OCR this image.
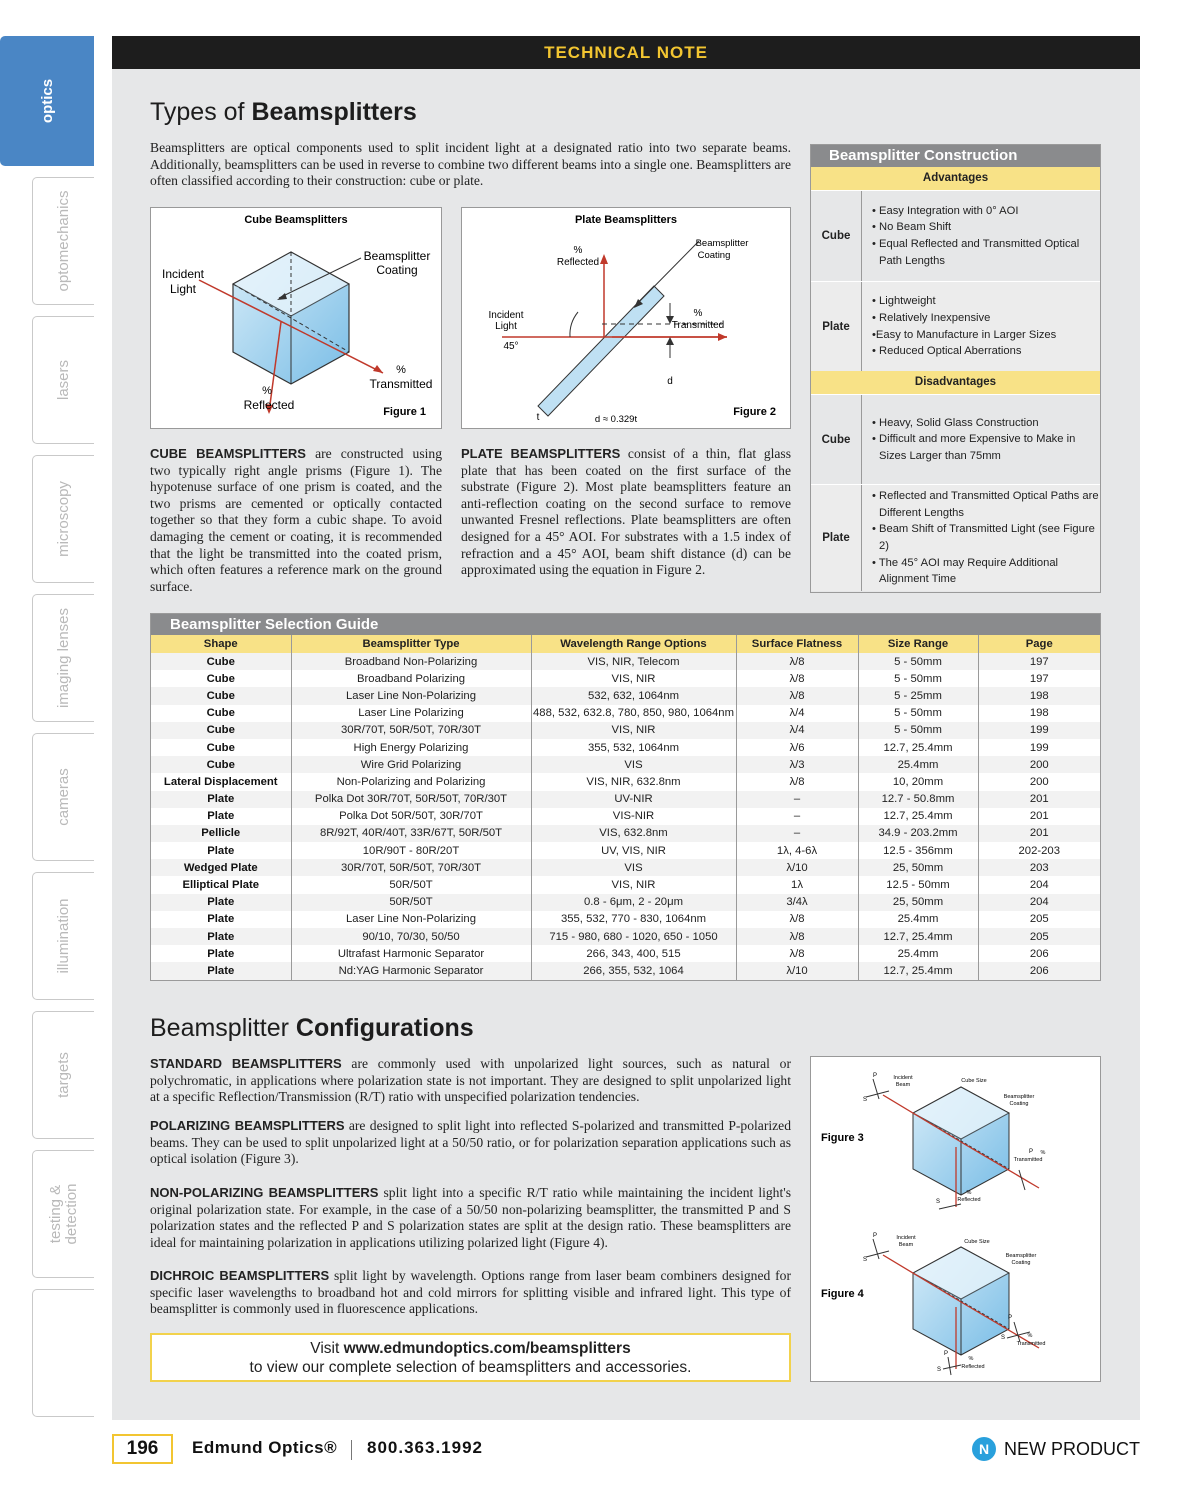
optics
optomechanics
lasers
microscopy
imaging lenses
cameras
illumination
targets
testing & detection
TECHNICAL NOTE
Types of Beamsplitters

Beamsplitters are optical components used to split incident light at a designated ratio into two separate beams. Additionally, beamsplitters can be used in reverse to combine two different beams into a single one. Beamsplitters are often classified according to their construction: cube or plate.

Cube Beamsplitters
Incident
Light
Beamsplitter
Coating
%
Transmitted
%
Reflected	Figure 1
Plate Beamsplitters
%
Reflected
Beamsplitter
Coating
Incident
Light
45°
%
Transmitted
d
t	d ≈ 0.329t
Figure 2

CUBE BEAMSPLITTERS are constructed using two typically right angle prisms (Figure 1). The hypotenuse surface of one prism is coated, and the two prisms are cemented or optically contacted together so that they form a cubic shape. To avoid damaging the cement or coating, it is recommended that the light be transmitted into the coated prism, which often features a reference mark on the ground surface.

PLATE BEAMSPLITTERS consist of a thin, flat glass plate that has been coated on the first surface of the substrate (Figure 2). Most plate beamsplitters feature an anti-reflection coating on the second surface to remove unwanted Fresnel reflections. Plate beamsplitters are often designed for a 45° AOI. For substrates with a 1.5 index of refraction and a 45° AOI, beam shift distance (d) can be approximated using the equation in Figure 2.

Beamsplitter Construction
Advantages
Cube
• Easy Integration with 0° AOI
• No Beam Shift
• Equal Reflected and Transmitted Optical Path Lengths
Plate
• Lightweight
• Relatively Inexpensive
•Easy to Manufacture in Larger Sizes
• Reduced Optical Aberrations
Disadvantages
Cube
• Heavy, Solid Glass Construction
• Difficult and more Expensive to Make in Sizes Larger than 75mm
Plate
• Reflected and Transmitted Optical Paths are Different Lengths
• Beam Shift of Transmitted Light (see Figure 2)
• The 45° AOI may Require Additional Alignment Time
Beamsplitter Selection Guide
Shape	Beamsplitter Type	Wavelength Range Options	Surface Flatness	Size Range	Page
Cube	Broadband Non-Polarizing	VIS, NIR, Telecom	λ/8	5 - 50mm	197
Cube	Broadband Polarizing	VIS, NIR	λ/8	5 - 50mm	197
Cube	Laser Line Non-Polarizing	532, 632, 1064nm	λ/8	5 - 25mm	198
Cube	Laser Line Polarizing	488, 532, 632.8, 780, 850, 980, 1064nm	λ/4	5 - 50mm	198
Cube	30R/70T, 50R/50T, 70R/30T	VIS, NIR	λ/4	5 - 50mm	199
Cube	High Energy Polarizing	355, 532, 1064nm	λ/6	12.7, 25.4mm	199
Cube	Wire Grid Polarizing	VIS	λ/3	25.4mm	200
Lateral Displacement	Non-Polarizing and Polarizing	VIS, NIR, 632.8nm	λ/8	10, 20mm	200
Plate	Polka Dot 30R/70T, 50R/50T, 70R/30T	UV-NIR	–	12.7 - 50.8mm	201
Plate	Polka Dot 50R/50T, 30R/70T	VIS-NIR	–	12.7, 25.4mm	201
Pellicle	8R/92T, 40R/40T, 33R/67T, 50R/50T	VIS, 632.8nm	–	34.9 - 203.2mm	201
Plate	10R/90T - 80R/20T	UV, VIS, NIR	1λ, 4-6λ	12.5 - 356mm	202-203
Wedged Plate	30R/70T, 50R/50T, 70R/30T	VIS	λ/10	25, 50mm	203
Elliptical Plate	50R/50T	VIS, NIR	1λ	12.5 - 50mm	204
Plate	50R/50T	0.8 - 6μm, 2 - 20μm	3/4λ	25, 50mm	204
Plate	Laser Line Non-Polarizing	355, 532, 770 - 830, 1064nm	λ/8	25.4mm	205
Plate	90/10, 70/30, 50/50	715 - 980, 680 - 1020, 650 - 1050	λ/8	12.7, 25.4mm	205
Plate	Ultrafast Harmonic Separator	266, 343, 400, 515	λ/8	25.4mm	206
Plate	Nd:YAG Harmonic Separator	266, 355, 532, 1064	λ/10	12.7, 25.4mm	206
Beamsplitter Configurations

STANDARD BEAMSPLITTERS are commonly used with unpolarized light sources, such as natural or polychromatic, in applications where polarization state is not important. They are designed to split unpolarized light at a specific Reflection/Transmission (R/T) ratio with unspecified polarization tendencies.

POLARIZING BEAMSPLITTERS are designed to split light into reflected S-polarized and transmitted P-polarized beams. They can be used to split unpolarized light at a 50/50 ratio, or for polarization separation applications such as optical isolation (Figure 3).

NON-POLARIZING BEAMSPLITTERS split light into a specific R/T ratio while maintaining the incident light's original polarization state. For example, in the case of a 50/50 non-polarizing beamsplitter, the transmitted P and S polarization states and the reflected P and S polarization states are split at the design ratio. These beamsplitters are ideal for maintaining polarization in applications utilizing polarized light (Figure 4).

DICHROIC BEAMSPLITTERS split light by wavelength. Options range from laser beam combiners designed for specific laser wavelengths to broadband hot and cold mirrors for splitting visible and infrared light. This type of beamsplitter is commonly used in fluorescence applications.

P
S
Incident
Beam
Cube Size
Beamsplitter
Coating
P %
Transmitted
S
%
Reflected
Figure 3
P
S
Incident
Beam	Cube Size
Beamsplitter
Coating
P
S	%
Transmitted
P
S
%
Reflected
Figure 4
Visit www.edmundoptics.com/beamsplitters
to view our complete selection of beamsplitters and accessories.
196	Edmund Optics® 800.363.1992	N NEW PRODUCT
